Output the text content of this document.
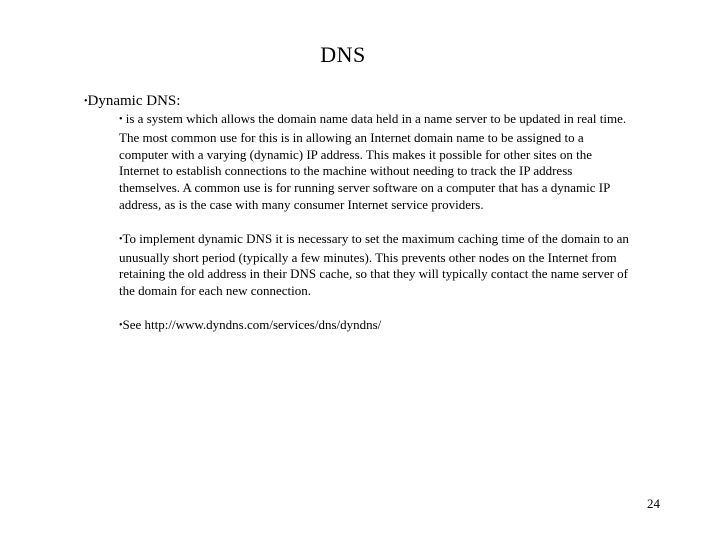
DNS
•Dynamic DNS:
• is a system which allows the domain name data held in a name server to be updated in real time. The most common use for this is in allowing an Internet domain name to be assigned to a computer with a varying (dynamic) IP address. This makes it possible for other sites on the Internet to establish connections to the machine without needing to track the IP address themselves. A common use is for running server software on a computer that has a dynamic IP address, as is the case with many consumer Internet service providers.
•To implement dynamic DNS it is necessary to set the maximum caching time of the domain to an unusually short period (typically a few minutes). This prevents other nodes on the Internet from retaining the old address in their DNS cache, so that they will typically contact the name server of the domain for each new connection.
•See http://www.dyndns.com/services/dns/dyndns/
24
